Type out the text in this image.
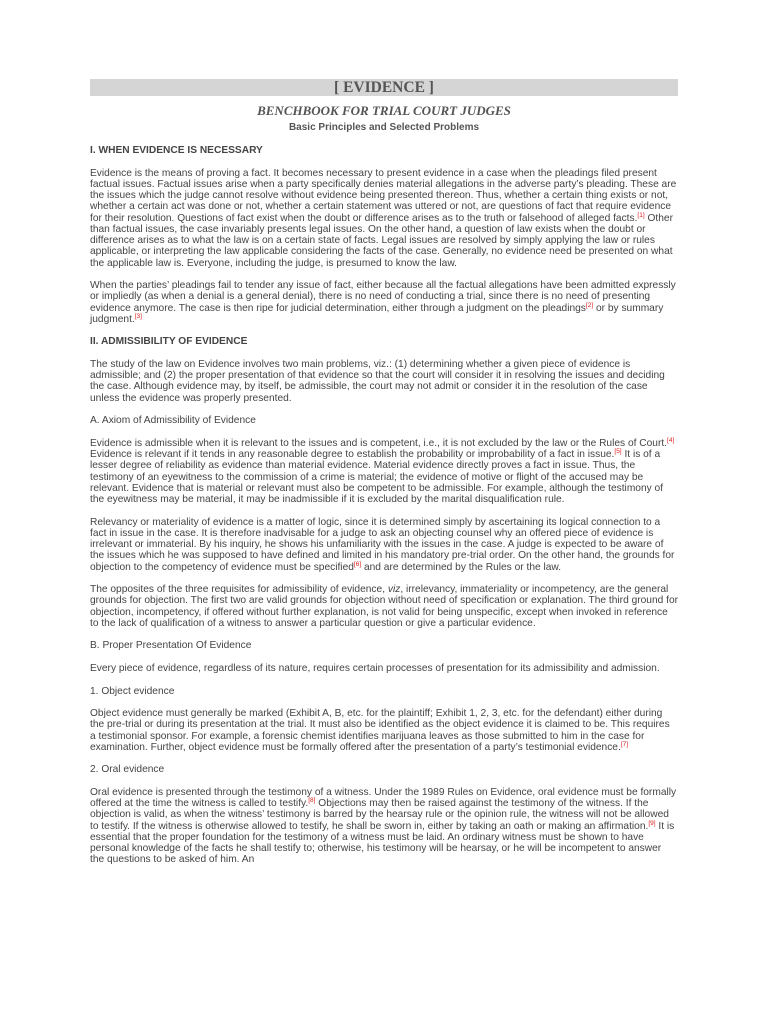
[ EVIDENCE ]
BENCHBOOK FOR TRIAL COURT JUDGES
Basic Principles and Selected Problems
I. WHEN EVIDENCE IS NECESSARY

Evidence is the means of proving a fact. It becomes necessary to present evidence in a case when the pleadings filed present factual issues. Factual issues arise when a party specifically denies material allegations in the adverse party’s pleading. These are the issues which the judge cannot resolve without evidence being presented thereon. Thus, whether a certain thing exists or not, whether a certain act was done or not, whether a certain statement was uttered or not, are questions of fact that require evidence for their resolution. Questions of fact exist when the doubt or difference arises as to the truth or falsehood of alleged facts.[1] Other than factual issues, the case invariably presents legal issues. On the other hand, a question of law exists when the doubt or difference arises as to what the law is on a certain state of facts. Legal issues are resolved by simply applying the law or rules applicable, or interpreting the law applicable considering the facts of the case. Generally, no evidence need be presented on what the applicable law is. Everyone, including the judge, is presumed to know the law.

When the parties’ pleadings fail to tender any issue of fact, either because all the factual allegations have been admitted expressly or impliedly (as when a denial is a general denial), there is no need of conducting a trial, since there is no need of presenting evidence anymore. The case is then ripe for judicial determination, either through a judgment on the pleadings[2] or by summary judgment.[3]

II. ADMISSIBILITY OF EVIDENCE

The study of the law on Evidence involves two main problems, viz.: (1) determining whether a given piece of evidence is admissible; and (2) the proper presentation of that evidence so that the court will consider it in resolving the issues and deciding the case. Although evidence may, by itself, be admissible, the court may not admit or consider it in the resolution of the case unless the evidence was properly presented.

A. Axiom of Admissibility of Evidence

Evidence is admissible when it is relevant to the issues and is competent, i.e., it is not excluded by the law or the Rules of Court.[4] Evidence is relevant if it tends in any reasonable degree to establish the probability or improbability of a fact in issue.[5] It is of a lesser degree of reliability as evidence than material evidence. Material evidence directly proves a fact in issue. Thus, the testimony of an eyewitness to the commission of a crime is material; the evidence of motive or flight of the accused may be relevant. Evidence that is material or relevant must also be competent to be admissible. For example, although the testimony of the eyewitness may be material, it may be inadmissible if it is excluded by the marital disqualification rule.

Relevancy or materiality of evidence is a matter of logic, since it is determined simply by ascertaining its logical connection to a fact in issue in the case. It is therefore inadvisable for a judge to ask an objecting counsel why an offered piece of evidence is irrelevant or immaterial. By his inquiry, he shows his unfamiliarity with the issues in the case. A judge is expected to be aware of the issues which he was supposed to have defined and limited in his mandatory pre-trial order. On the other hand, the grounds for objection to the competency of evidence must be specified[6] and are determined by the Rules or the law.

The opposites of the three requisites for admissibility of evidence, viz, irrelevancy, immateriality or incompetency, are the general grounds for objection. The first two are valid grounds for objection without need of specification or explanation. The third ground for objection, incompetency, if offered without further explanation, is not valid for being unspecific, except when invoked in reference to the lack of qualification of a witness to answer a particular question or give a particular evidence.

B. Proper Presentation Of Evidence

Every piece of evidence, regardless of its nature, requires certain processes of presentation for its admissibility and admission.

1. Object evidence

Object evidence must generally be marked (Exhibit A, B, etc. for the plaintiff; Exhibit 1, 2, 3, etc. for the defendant) either during the pre-trial or during its presentation at the trial. It must also be identified as the object evidence it is claimed to be. This requires a testimonial sponsor. For example, a forensic chemist identifies marijuana leaves as those submitted to him in the case for examination. Further, object evidence must be formally offered after the presentation of a party’s testimonial evidence.[7]

2. Oral evidence

Oral evidence is presented through the testimony of a witness. Under the 1989 Rules on Evidence, oral evidence must be formally offered at the time the witness is called to testify.[8] Objections may then be raised against the testimony of the witness. If the objection is valid, as when the witness’ testimony is barred by the hearsay rule or the opinion rule, the witness will not be allowed to testify. If the witness is otherwise allowed to testify, he shall be sworn in, either by taking an oath or making an affirmation.[9] It is essential that the proper foundation for the testimony of a witness must be laid. An ordinary witness must be shown to have personal knowledge of the facts he shall testify to; otherwise, his testimony will be hearsay, or he will be incompetent to answer the questions to be asked of him. An
